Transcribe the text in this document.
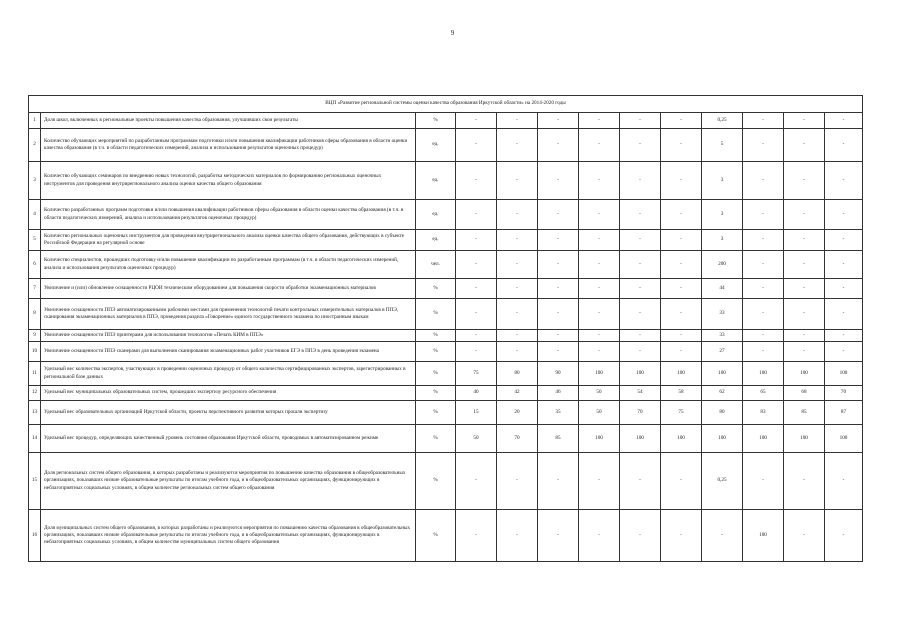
9
ВЦП «Развитие региональной системы оценки качества образования Иркутской области» на 2014-2020 годы												
1	Доля школ, включенных в региональные проекты повышения качества образования, улучшивших свои результаты	%	-	-	-	-	-	-	0,25	-	-	-
2	Количество обучающих мероприятий по разработанным программам подготовки и/или повышения квалификации работников сферы образования в области оценки качества образования (в т.ч. в области педагогических измерений, анализа и использования результатов оценочных процедур)	ед.	-	-	-	-	-	-	5	-	-	-
3	Количество обучающих семинаров по внедрению новых технологий, разработка методических материалов по формированию региональных оценочных инструментов для проведения внутрирегионального анализа оценки качества общего образования	ед.	-	-	-	-	-	-	3	-	-	-
4	Количество разработанных программ подготовки и/или повышения квалификации работников сферы образования в области оценки качества образования (в т.ч. в области педагогических измерений, анализа и использования результатов оценочных процедур)	ед.	-	-	-	-	-	-	3	-	-	-
5	Количество региональных оценочных инструментов для проведения внутрирегионального анализа оценки качества общего образования, действующих в субъекте Российской Федерации на регулярной основе	ед.	-	-	-	-	-	-	3	-	-	-
6	Количество специалистов, прошедших подготовку и/или повышение квалификации по разработанным программам (в т.ч. в области педагогических измерений, анализа и использования результатов оценочных процедур)	чел.	-	-	-	-	-	-	200	-	-	-
7	Увеличение и (или) обновление оснащенности РЦОИ техническим оборудованием для повышения скорости обработки экзаменационных материалов	%	-	-	-	-	-	-	44	-	-	-
8	Увеличение оснащенности ППЭ автоматизированными рабочими местами для применения технологий печати контрольных измерительных материалов в ППЭ, сканирования экзаменационных материалов в ППЭ, проведения раздела «Говорение» единого государственного экзамена по иностранным языкам	%	-	-	-	-	-	-	33	-	-	-
9	Увеличение оснащенности ППЭ принтерами для использования технологии «Печать КИМ в ППЭ»	%	-	-	-	-	-	-	33	-	-	-
10	Увеличение оснащенности ППЭ сканерами для выполнения сканирования экзаменационных работ участников ЕГЭ в ППЭ в день проведения экзамена	%	-	-	-	-	-	-	27	-	-	-
11	Удельный вес количества экспертов, участвующих в проведении оценочных процедур от общего количества сертифицированных экспертов, зарегистрированных в региональной базе данных	%	75	80	90	100	100	100	100	100	100	100
12	Удельный вес муниципальных образовательных систем, прошедших экспертизу ресурсного обеспечения	%	40	42	46	50	54	58	62	65	68	70
13	Удельный вес образовательных организаций Иркутской области, проекты перспективного развития которых прошли экспертизу	%	15	20	35	50	70	75	80	83	85	87
14	Удельный вес процедур, определяющих качественный уровень состояния образования Иркутской области, проводимых в автоматизированном режиме	%	50	70	85	100	100	100	100	100	100	100
15	Доля региональных систем общего образования, в которых разработаны и реализуются мероприятия по повышению качества образования в общеобразовательных организациях, показавших низкие образовательные результаты по итогам учебного года, и в общеобразовательных организациях, функционирующих в неблагоприятных социальных условиях, в общем количестве региональных систем общего образования	%	-	-	-	-	-	-	0,25	-	-	-
16	Доля муниципальных систем общего образования, в которых разработаны и реализуются мероприятия по повышению качества образования в общеобразовательных организациях, показавших низкие образовательные результаты по итогам учебного года, и в общеобразовательных организациях, функционирующих в неблагоприятных социальных условиях, в общем количестве муниципальных систем общего образования	%	-	-	-	-	-	-	-	100	-	-
